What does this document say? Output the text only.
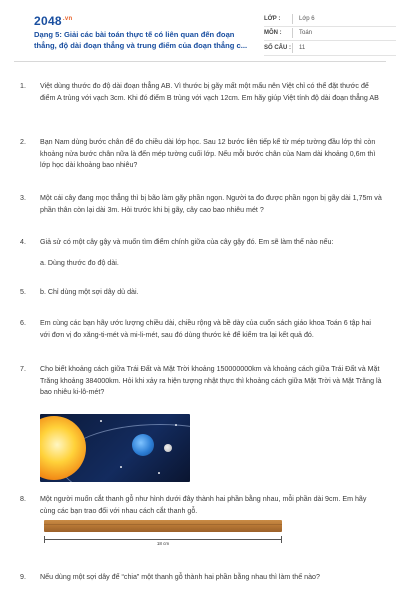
$2048^{.vn}$
Dạng 5: Giải các bài toán thực tế có liên quan đến đoạn
thẳng, độ dài đoạn thẳng và trung điểm của đoạn thẳng c...
LỚP :	Lớp 6
MÔN :	Toán
SỐ CÂU : 11
1.	Việt dùng thước đo độ dài đoạn thẳng AB. Vì thước bị gãy mất một mẩu nên Việt chỉ có thể đặt thước để điểm A trùng với vạch 3cm. Khi đó điểm B trùng với vạch 12cm. Em hãy giúp Việt tính độ dài đoạn thẳng AB
2.	Bạn Nam dùng bước chân để đo chiều dài lớp học. Sau 12 bước liên tiếp kể từ mép tường đầu lớp thì còn khoảng nửa bước chân nữa là đến mép tường cuối lớp. Nếu mỗi bước chân của Nam dài khoảng 0,6m thì lớp học dài khoảng bao nhiêu?
3.	Một cái cây đang mọc thẳng thì bị bão làm gãy phần ngọn. Người ta đo được phần ngọn bị gãy dài 1,75m và phần thân còn lại dài 3m. Hỏi trước khi bị gãy, cây cao bao nhiêu mét ?
4.	Giả sử có một cây gậy và muốn tìm điểm chính giữa của cây gậy đó. Em sẽ làm thế nào nếu:
a. Dùng thước đo độ dài.
5.	b. Chỉ dùng một sợi dây dủ dài.
6.	Em cùng các bạn hãy ước lượng chiều dài, chiều rộng và bề dày của cuốn sách giáo khoa Toán 6 tập hai với đơn vị đo xăng-ti-mét và mi-li-mét, sau đó dùng thước kẻ để kiểm tra lại kết quả đó.
7.	Cho biết khoảng cách giữa Trái Đất và Mặt Trời khoảng 150000000km và khoảng cách giữa Trái Đất và Mặt Trăng khoảng 384000km. Hỏi khi xảy ra hiện tượng nhật thực thì khoảng cách giữa Mặt Trời và Mặt Trăng là bao nhiêu ki-lô-mét?
8.	Một người muốn cắt thanh gỗ như hình dưới đây thành hai phần bằng nhau, mỗi phần dài 9cm. Em hãy cùng các bạn trao đổi với nhau cách cắt thanh gỗ.
18 cm
9.	Nếu dùng một sợi dây để “chia” một thanh gỗ thành hai phần bằng nhau thì làm thế nào?
